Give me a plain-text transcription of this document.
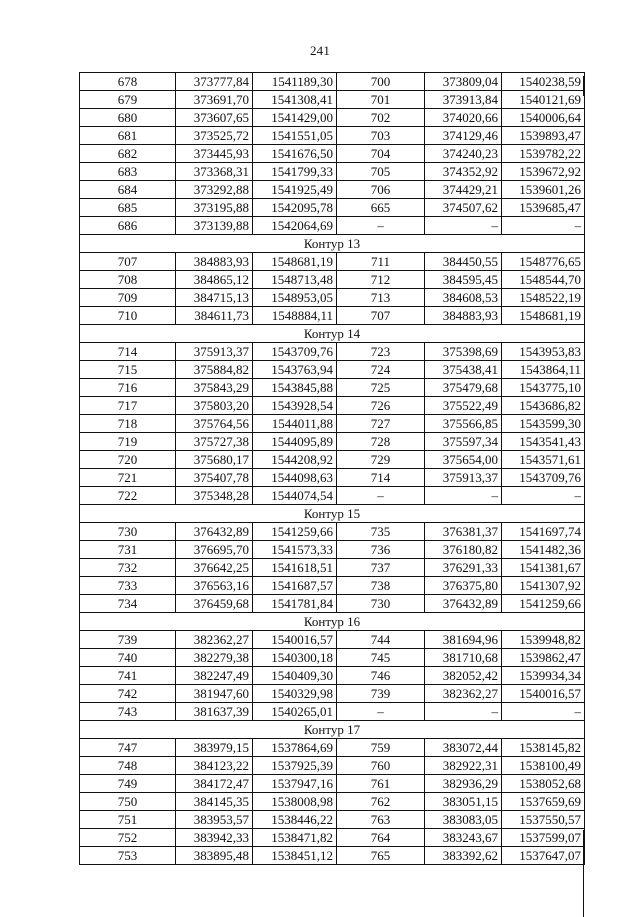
241
678	373777,84	1541189,30	700	373809,04	1540238,59
679	373691,70	1541308,41	701	373913,84	1540121,69
680	373607,65	1541429,00	702	374020,66	1540006,64
681	373525,72	1541551,05	703	374129,46	1539893,47
682	373445,93	1541676,50	704	374240,23	1539782,22
683	373368,31	1541799,33	705	374352,92	1539672,92
684	373292,88	1541925,49	706	374429,21	1539601,26
685	373195,88	1542095,78	665	374507,62	1539685,47
686	373139,88	1542064,69	–	–	–
Контур 13					
707	384883,93	1548681,19	711	384450,55	1548776,65
708	384865,12	1548713,48	712	384595,45	1548544,70
709	384715,13	1548953,05	713	384608,53	1548522,19
710	384611,73	1548884,11	707	384883,93	1548681,19
Контур 14					
714	375913,37	1543709,76	723	375398,69	1543953,83
715	375884,82	1543763,94	724	375438,41	1543864,11
716	375843,29	1543845,88	725	375479,68	1543775,10
717	375803,20	1543928,54	726	375522,49	1543686,82
718	375764,56	1544011,88	727	375566,85	1543599,30
719	375727,38	1544095,89	728	375597,34	1543541,43
720	375680,17	1544208,92	729	375654,00	1543571,61
721	375407,78	1544098,63	714	375913,37	1543709,76
722	375348,28	1544074,54	–	–	–
Контур 15					
730	376432,89	1541259,66	735	376381,37	1541697,74
731	376695,70	1541573,33	736	376180,82	1541482,36
732	376642,25	1541618,51	737	376291,33	1541381,67
733	376563,16	1541687,57	738	376375,80	1541307,92
734	376459,68	1541781,84	730	376432,89	1541259,66
Контур 16					
739	382362,27	1540016,57	744	381694,96	1539948,82
740	382279,38	1540300,18	745	381710,68	1539862,47
741	382247,49	1540409,30	746	382052,42	1539934,34
742	381947,60	1540329,98	739	382362,27	1540016,57
743	381637,39	1540265,01	–	–	–
Контур 17					
747	383979,15	1537864,69	759	383072,44	1538145,82
748	384123,22	1537925,39	760	382922,31	1538100,49
749	384172,47	1537947,16	761	382936,29	1538052,68
750	384145,35	1538008,98	762	383051,15	1537659,69
751	383953,57	1538446,22	763	383083,05	1537550,57
752	383942,33	1538471,82	764	383243,67	1537599,07
753	383895,48	1538451,12	765	383392,62	1537647,07
